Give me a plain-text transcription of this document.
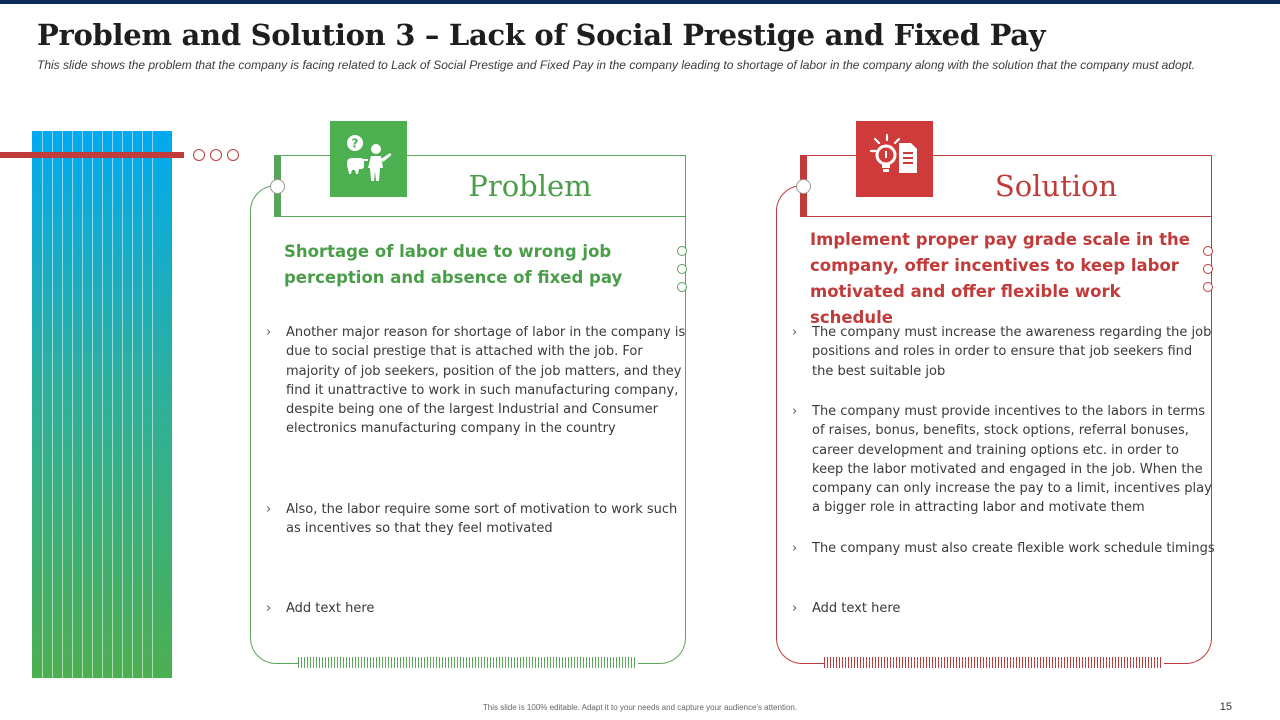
Problem and Solution 3 – Lack of Social Prestige and Fixed Pay

This slide shows the problem that the company is facing related to Lack of Social Prestige and Fixed Pay in the company leading to shortage of labor in the company along with the solution that the company must adopt.

Problem
?
Shortage of labor due to wrong job perception and absence of fixed pay
› Another major reason for shortage of labor in the company is due to social prestige that is attached with the job. For majority of job seekers, position of the job matters, and they find it unattractive to work in such manufacturing company, despite being one of the largest Industrial and Consumer electronics manufacturing company in the country
› Also, the labor require some sort of motivation to work such as incentives so that they feel motivated
› Add text here
Solution
Implement proper pay grade scale in the company, offer incentives to keep labor motivated and offer flexible work schedule
› The company must increase the awareness regarding the job positions and roles in order to ensure that job seekers find the best suitable job
› The company must provide incentives to the labors in terms of raises, bonus, benefits, stock options, referral bonuses, career development and training options etc. in order to keep the labor motivated and engaged in the job. When the company can only increase the pay to a limit, incentives play a bigger role in attracting labor and motivate them
› The company must also create flexible work schedule timings
› Add text here
This slide is 100% editable. Adapt it to your needs and capture your audience's attention.	15
